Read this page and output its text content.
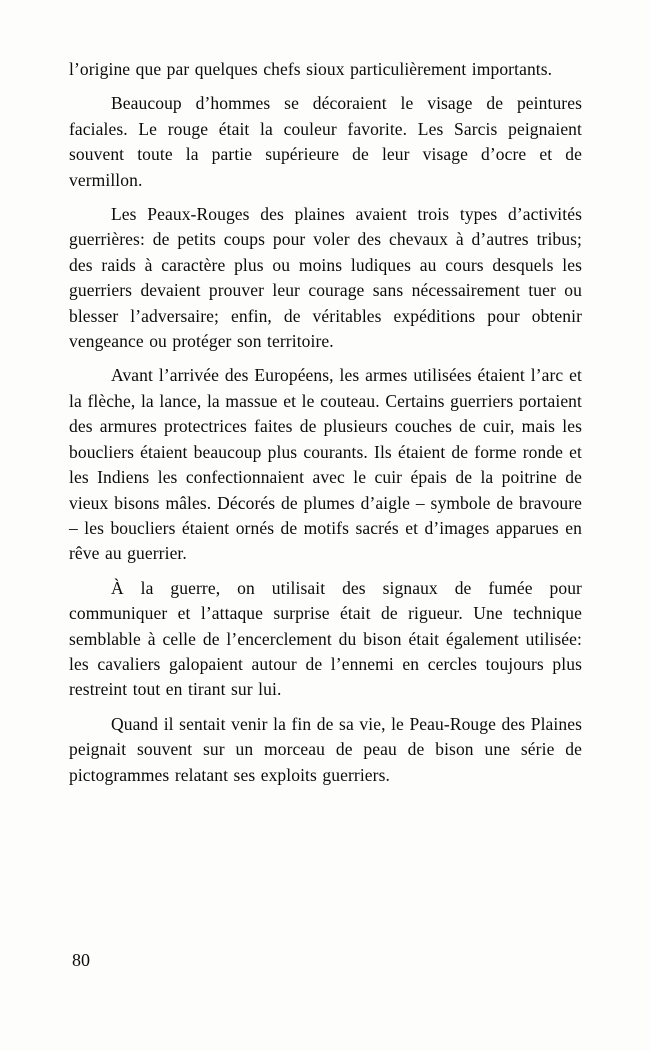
l’origine que par quelques chefs sioux particulièrement importants.

Beaucoup d’hommes se décoraient le visage de peintures faciales. Le rouge était la couleur favorite. Les Sarcis peignaient souvent toute la partie supérieure de leur visage d’ocre et de vermillon.

Les Peaux-Rouges des plaines avaient trois types d’activités guerrières: de petits coups pour voler des chevaux à d’autres tribus; des raids à caractère plus ou moins ludiques au cours desquels les guerriers devaient prouver leur courage sans nécessairement tuer ou blesser l’adversaire; enfin, de véritables expéditions pour obtenir vengeance ou protéger son territoire.

Avant l’arrivée des Européens, les armes utilisées étaient l’arc et la flèche, la lance, la massue et le couteau. Certains guerriers portaient des armures protectrices faites de plusieurs couches de cuir, mais les boucliers étaient beaucoup plus courants. Ils étaient de forme ronde et les Indiens les confectionnaient avec le cuir épais de la poitrine de vieux bisons mâles. Décorés de plumes d’aigle – symbole de bravoure – les boucliers étaient ornés de motifs sacrés et d’images apparues en rêve au guerrier.

À la guerre, on utilisait des signaux de fumée pour communiquer et l’attaque surprise était de rigueur. Une technique semblable à celle de l’encerclement du bison était également utilisée: les cavaliers galopaient autour de l’ennemi en cercles toujours plus restreint tout en tirant sur lui.

Quand il sentait venir la fin de sa vie, le Peau-Rouge des Plaines peignait souvent sur un morceau de peau de bison une série de pictogrammes relatant ses exploits guerriers.

80
